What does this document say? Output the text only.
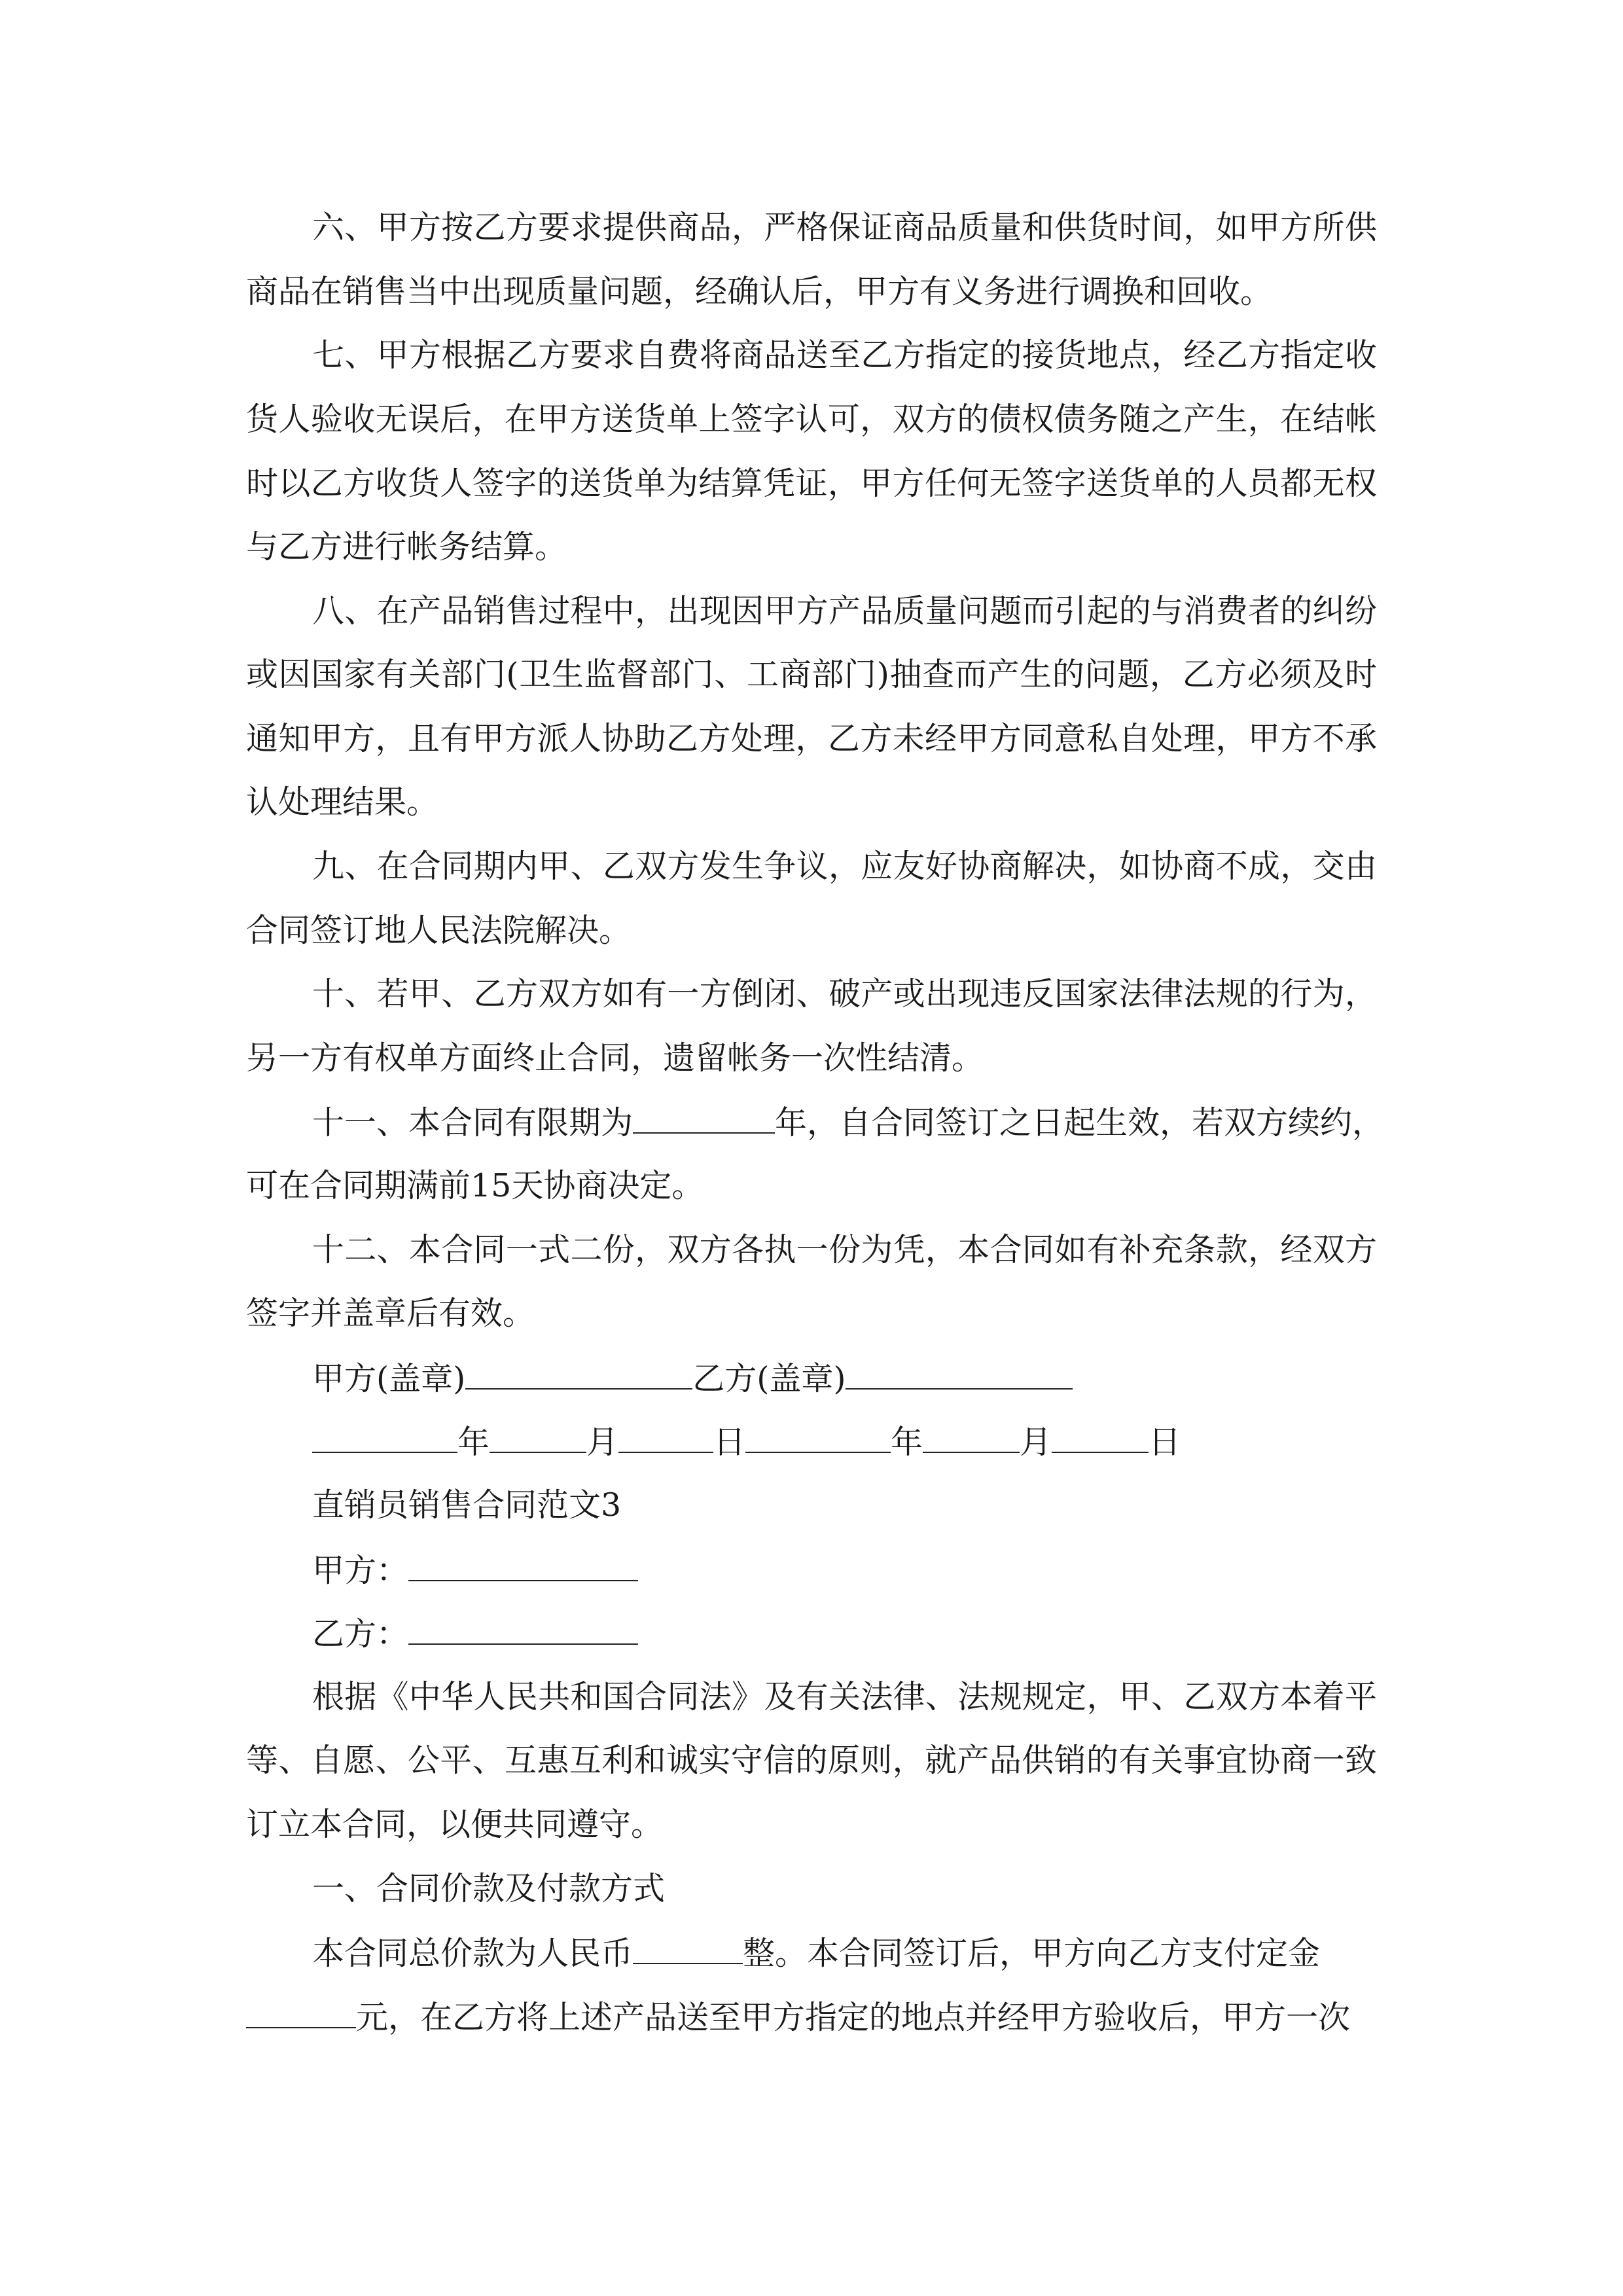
六、甲方按乙方要求提供商品，严格保证商品质量和供货时间，如甲方所供
商品在销售当中出现质量问题，经确认后，甲方有义务进行调换和回收。
七、甲方根据乙方要求自费将商品送至乙方指定的接货地点，经乙方指定收
货人验收无误后，在甲方送货单上签字认可，双方的债权债务随之产生，在结帐
时以乙方收货人签字的送货单为结算凭证，甲方任何无签字送货单的人员都无权
与乙方进行帐务结算。
八、在产品销售过程中，出现因甲方产品质量问题而引起的与消费者的纠纷
或因国家有关部门(卫生监督部门、工商部门)抽查而产生的问题，乙方必须及时
通知甲方，且有甲方派人协助乙方处理，乙方未经甲方同意私自处理，甲方不承
认处理结果。
九、在合同期内甲、乙双方发生争议，应友好协商解决，如协商不成，交由
合同签订地人民法院解决。
十、若甲、乙方双方如有一方倒闭、破产或出现违反国家法律法规的行为，
另一方有权单方面终止合同，遗留帐务一次性结清。
十一、本合同有限期为	年，自合同签订之日起生效，若双方续约，
可在合同期满前15天协商决定。
十二、本合同一式二份，双方各执一份为凭，本合同如有补充条款，经双方
签字并盖章后有效。
甲方(盖章)	乙方(盖章)
年	月	日	年	月	日
直销员销售合同范文3
甲方：
乙方：
根据《中华人民共和国合同法》及有关法律、法规规定，甲、乙双方本着平
等、自愿、公平、互惠互利和诚实守信的原则，就产品供销的有关事宜协商一致
订立本合同，以便共同遵守。
一、合同价款及付款方式
本合同总价款为人民币	整。本合同签订后，甲方向乙方支付定金
元，在乙方将上述产品送至甲方指定的地点并经甲方验收后，甲方一次
